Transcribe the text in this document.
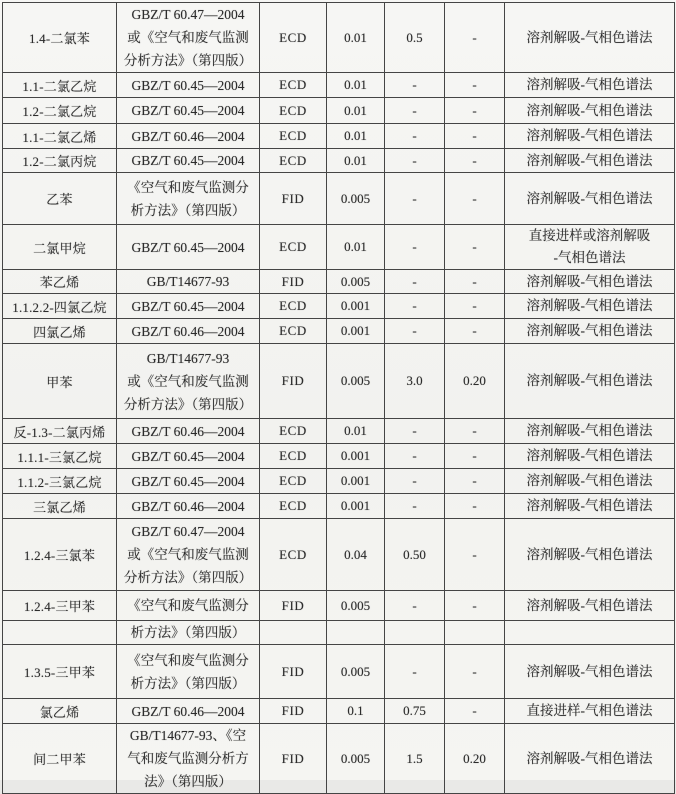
1.4-二氯苯	GBZ/T 60.47—2004
或《空气和废气监测
分析方法》（第四版）	ECD	0.01	0.5	-	溶剂解吸-气相色谱法

1.1-二氯乙烷	GBZ/T 60.45—2004	ECD	0.01	-	-	溶剂解吸-气相色谱法

1.2-二氯乙烷	GBZ/T 60.45—2004	ECD	0.01	-	-	溶剂解吸-气相色谱法

1.1-二氯乙烯	GBZ/T 60.46—2004	ECD	0.01	-	-	溶剂解吸-气相色谱法

1.2-二氯丙烷	GBZ/T 60.45—2004	ECD	0.01	-	-	溶剂解吸-气相色谱法

乙苯	《空气和废气监测分
析方法》（第四版）	FID	0.005	-	-	溶剂解吸-气相色谱法

二氯甲烷	GBZ/T 60.45—2004	ECD	0.01	-	-	直接进样或溶剂解吸
-气相色谱法

苯乙烯	GB/T14677-93	FID	0.005	-	-	溶剂解吸-气相色谱法

1.1.2.2-四氯乙烷	GBZ/T 60.45—2004	ECD	0.001	-	-	溶剂解吸-气相色谱法

四氯乙烯	GBZ/T 60.46—2004	ECD	0.001	-	-	溶剂解吸-气相色谱法

甲苯	GB/T14677-93
或《空气和废气监测
分析方法》（第四版）	FID	0.005	3.0	0.20	溶剂解吸-气相色谱法

反-1.3-二氯丙烯	GBZ/T 60.46—2004	ECD	0.01	-	-	溶剂解吸-气相色谱法

1.1.1-三氯乙烷	GBZ/T 60.45—2004	ECD	0.001	-	-	溶剂解吸-气相色谱法

1.1.2-三氯乙烷	GBZ/T 60.45—2004	ECD	0.001	-	-	溶剂解吸-气相色谱法

三氯乙烯	GBZ/T 60.46—2004	ECD	0.001	-	-	溶剂解吸-气相色谱法

1.2.4-三氯苯	GBZ/T 60.47—2004
或《空气和废气监测
分析方法》（第四版）	ECD	0.04	0.50	-	溶剂解吸-气相色谱法

1.2.4-三甲苯	《空气和废气监测分	FID	0.005	-	-	溶剂解吸-气相色谱法

	析方法》（第四版）					

1.3.5-三甲苯	《空气和废气监测分
析方法》（第四版）	FID	0.005	-	-	溶剂解吸-气相色谱法

氯乙烯	GBZ/T 60.46—2004	FID	0.1	0.75	-	直接进样-气相色谱法

间二甲苯	GB/T14677-93、《空
气和废气监测分析方
法》（第四版）	FID	0.005	1.5	0.20	溶剂解吸-气相色谱法
